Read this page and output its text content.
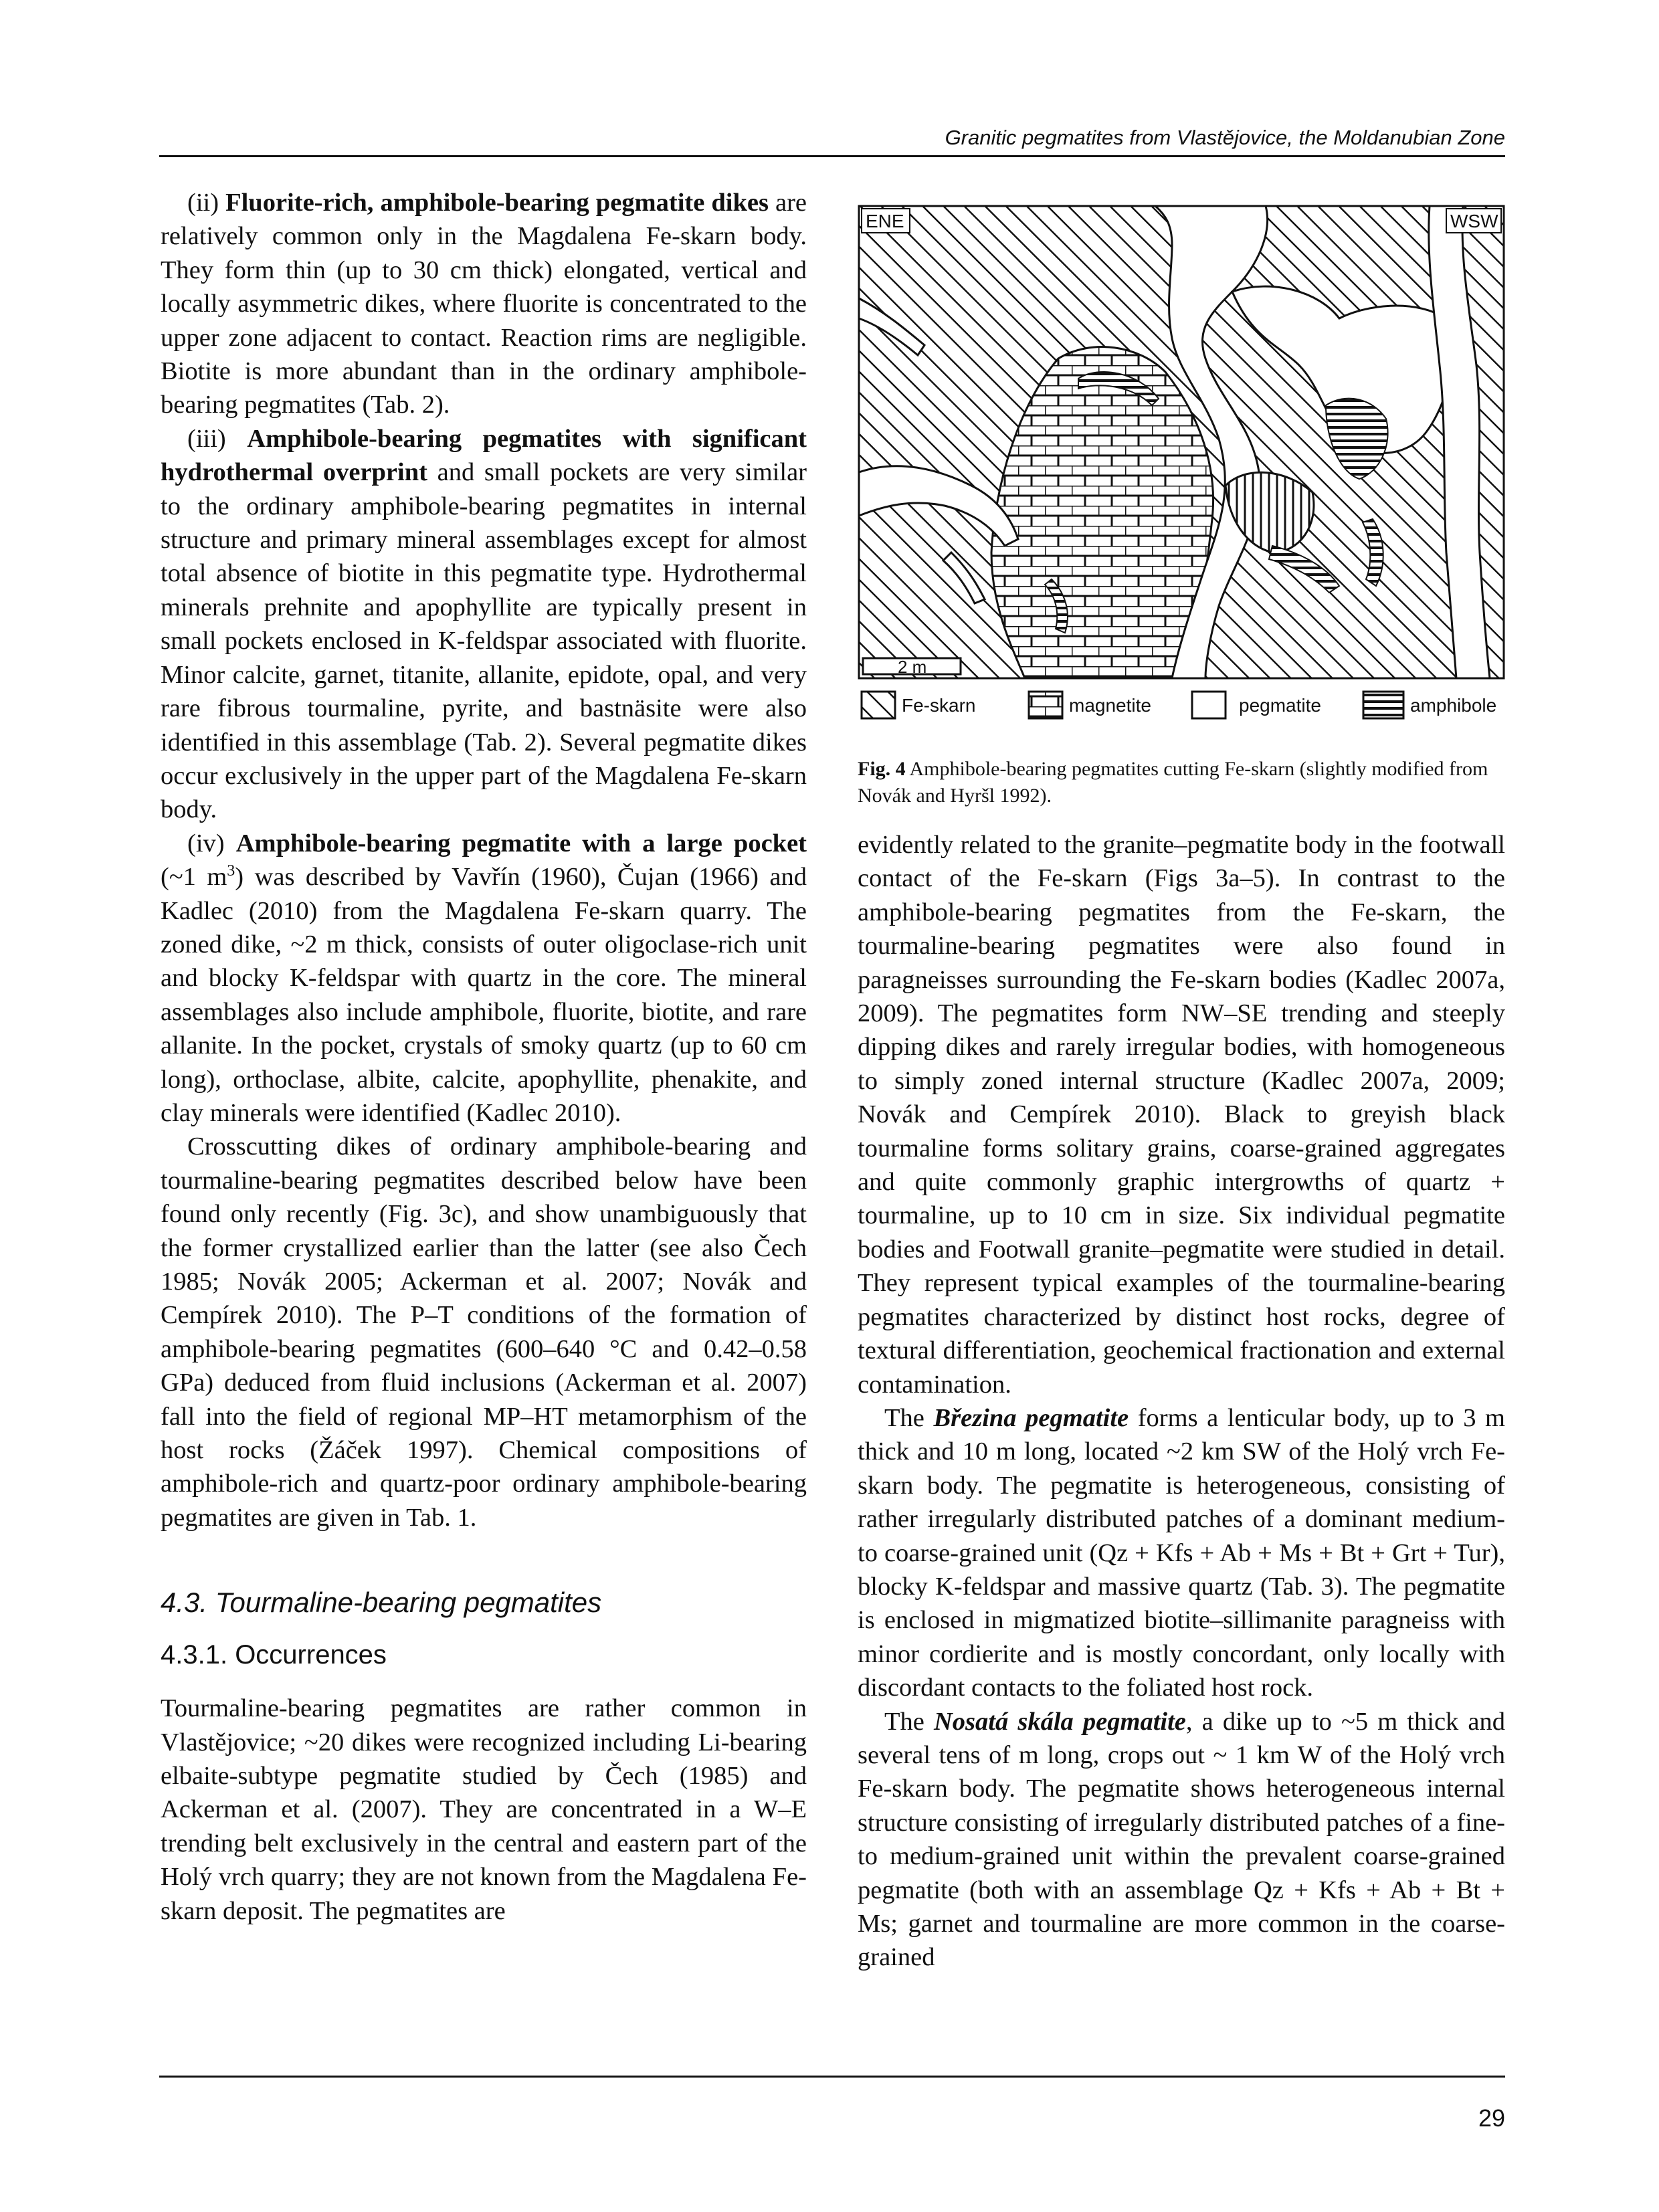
Granitic pegmatites from Vlastějovice, the Moldanubian Zone

(ii) Fluorite-rich, amphibole-bearing pegmatite dikes are relatively common only in the Magdalena Fe-skarn body. They form thin (up to 30 cm thick) elongated, vertical and locally asymmetric dikes, where fluorite is concentrated to the upper zone adjacent to contact. Reaction rims are negligible. Biotite is more abundant than in the ordinary amphibole-bearing pegmatites (Tab. 2).

(iii) Amphibole-bearing pegmatites with significant hydrothermal overprint and small pockets are very similar to the ordinary amphibole-bearing pegmatites in internal structure and primary mineral assemblages except for almost total absence of biotite in this pegmatite type. Hydrothermal minerals prehnite and apophyllite are typically present in small pockets enclosed in K-feldspar associated with fluorite. Minor calcite, garnet, titanite, allanite, epidote, opal, and very rare fibrous tourmaline, pyrite, and bastnäsite were also identified in this assemblage (Tab. 2). Several pegmatite dikes occur exclusively in the upper part of the Magdalena Fe-skarn body.

(iv) Amphibole-bearing pegmatite with a large pocket (~1 $m^3$) was described by Vavřín (1960), Čujan (1966) and Kadlec (2010) from the Magdalena Fe-skarn quarry. The zoned dike, ~2 m thick, consists of outer oligoclase-rich unit and blocky K-feldspar with quartz in the core. The mineral assemblages also include amphibole, fluorite, biotite, and rare allanite. In the pocket, crystals of smoky quartz (up to 60 cm long), orthoclase, albite, calcite, apophyllite, phenakite, and clay minerals were identified (Kadlec 2010).

Crosscutting dikes of ordinary amphibole-bearing and tourmaline-bearing pegmatites described below have been found only recently (Fig. 3c), and show unambiguously that the former crystallized earlier than the latter (see also Čech 1985; Novák 2005; Ackerman et al. 2007; Novák and Cempírek 2010). The P–T conditions of the formation of amphibole-bearing pegmatites (600–640 °C and 0.42–0.58 GPa) deduced from fluid inclusions (Ackerman et al. 2007) fall into the field of regional MP–HT metamorphism of the host rocks (Žáček 1997). Chemical compositions of amphibole-rich and quartz-poor ordinary amphibole-bearing pegmatites are given in Tab. 1.

4.3. Tourmaline-bearing pegmatites
4.3.1. Occurrences

Tourmaline-bearing pegmatites are rather common in Vlastějovice; ~20 dikes were recognized including Li-bearing elbaite-subtype pegmatite studied by Čech (1985) and Ackerman et al. (2007). They are concentrated in a W–E trending belt exclusively in the central and eastern part of the Holý vrch quarry; they are not known from the Magdalena Fe-skarn deposit. The pegmatites are

ENE	WSW
2 m
Fe-skarn	magnetite	pegmatite	amphibole
Fig. 4 Amphibole-bearing pegmatites cutting Fe-skarn (slightly modified from Novák and Hyršl 1992).

evidently related to the granite–pegmatite body in the footwall contact of the Fe-skarn (Figs 3a–5). In contrast to the amphibole-bearing pegmatites from the Fe-skarn, the tourmaline-bearing pegmatites were also found in paragneisses surrounding the Fe-skarn bodies (Kadlec 2007a, 2009). The pegmatites form NW–SE trending and steeply dipping dikes and rarely irregular bodies, with homogeneous to simply zoned internal structure (Kadlec 2007a, 2009; Novák and Cempírek 2010). Black to greyish black tourmaline forms solitary grains, coarse-grained aggregates and quite commonly graphic intergrowths of quartz + tourmaline, up to 10 cm in size. Six individual pegmatite bodies and Footwall granite–pegmatite were studied in detail. They represent typical examples of the tourmaline-bearing pegmatites characterized by distinct host rocks, degree of textural differentiation, geochemical fractionation and external contamination.

The Březina pegmatite forms a lenticular body, up to 3 m thick and 10 m long, located ~2 km SW of the Holý vrch Fe-skarn body. The pegmatite is heterogeneous, consisting of rather irregularly distributed patches of a dominant medium- to coarse-grained unit (Qz + Kfs + Ab + Ms + Bt + Grt + Tur), blocky K-feldspar and massive quartz (Tab. 3). The pegmatite is enclosed in migmatized biotite–sillimanite paragneiss with minor cordierite and is mostly concordant, only locally with discordant contacts to the foliated host rock.

The Nosatá skála pegmatite, a dike up to ~5 m thick and several tens of m long, crops out ~ 1 km W of the Holý vrch Fe-skarn body. The pegmatite shows heterogeneous internal structure consisting of irregularly distributed patches of a fine- to medium-grained unit within the prevalent coarse-grained pegmatite (both with an assemblage Qz + Kfs + Ab + Bt + Ms; garnet and tourmaline are more common in the coarse-grained

29
